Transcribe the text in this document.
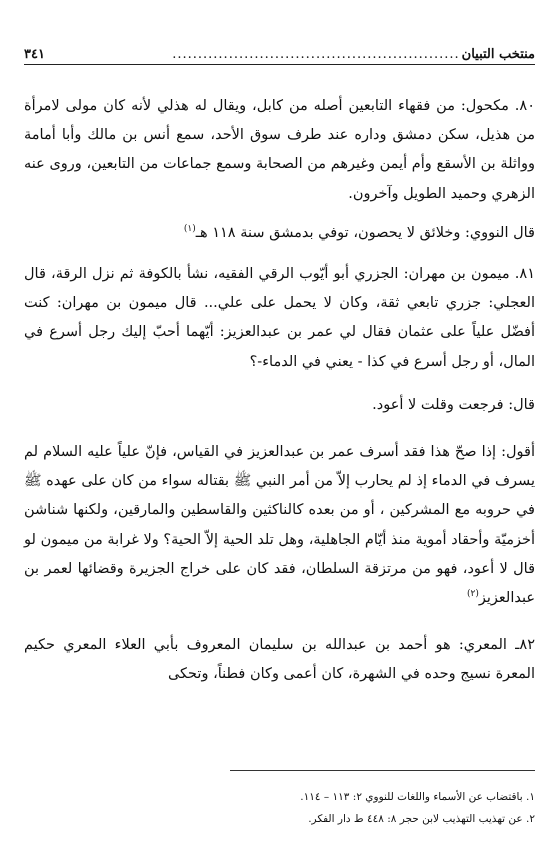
منتخب التبيان
........................................................
٣٤١

٨٠. مكحول: من فقهاء التابعين أصله من كابل، ويقال له هذلي لأنه كان مولى لامرأة من هذيل، سكن دمشق وداره عند طرف سوق الأحد، سمع أنس بن مالك وأبا أمامة وواثلة بن الأسقع وأم أيمن وغيرهم من الصحابة وسمع جماعات من التابعين، وروى عنه الزهري وحميد الطويل وآخرون.

قال النووي: وخلائق لا يحصون، توفي بدمشق سنة ١١٨ هـ$^{(١)}$

٨١. ميمون بن مهران: الجزري أبو أيّوب الرقي الفقيه، نشأ بالكوفة ثم نزل الرقة، قال العجلي: جزري تابعي ثقة، وكان لا يحمل على علي... قال ميمون بن مهران: كنت أفضّل علياً على عثمان فقال لي عمر بن عبدالعزيز: أيّهما أحبّ إليك رجل أسرع في المال، أو رجل أسرع في كذا - يعني في الدماء-؟

قال: فرجعت وقلت لا أعود.

أقول: إذا صحّ هذا فقد أسرف عمر بن عبدالعزيز في القياس، فإنّ علياً عليه السلام لم يسرف في الدماء إذ لم يحارب إلاّ من أمر النبي ﷺ بقتاله سواء من كان على عهده ﷺ في حروبه مع المشركين ، أو من بعده كالناكثين والقاسطين والمارقين، ولكنها شناشن أخزميّة وأحقاد أموية منذ أيّام الجاهلية، وهل تلد الحية إلاّ الحية؟ ولا غرابة من ميمون لو قال لا أعود، فهو من مرتزقة السلطان، فقد كان على خراج الجزيرة وقضائها لعمر بن عبدالعزيز$^{(٢)}$

٨٢ـ المعري: هو أحمد بن عبدالله بن سليمان المعروف بأبي العلاء المعري حكيم المعرة نسيج وحده في الشهرة، كان أعمى وكان فطناً، وتحكى

١. باقتضاب عن الأسماء واللغات للنووي ٢: ١١٣ – ١١٤.
٢. عن تهذيب التهذيب لابن حجر ٨: ٤٤٨ ط دار الفكر.
